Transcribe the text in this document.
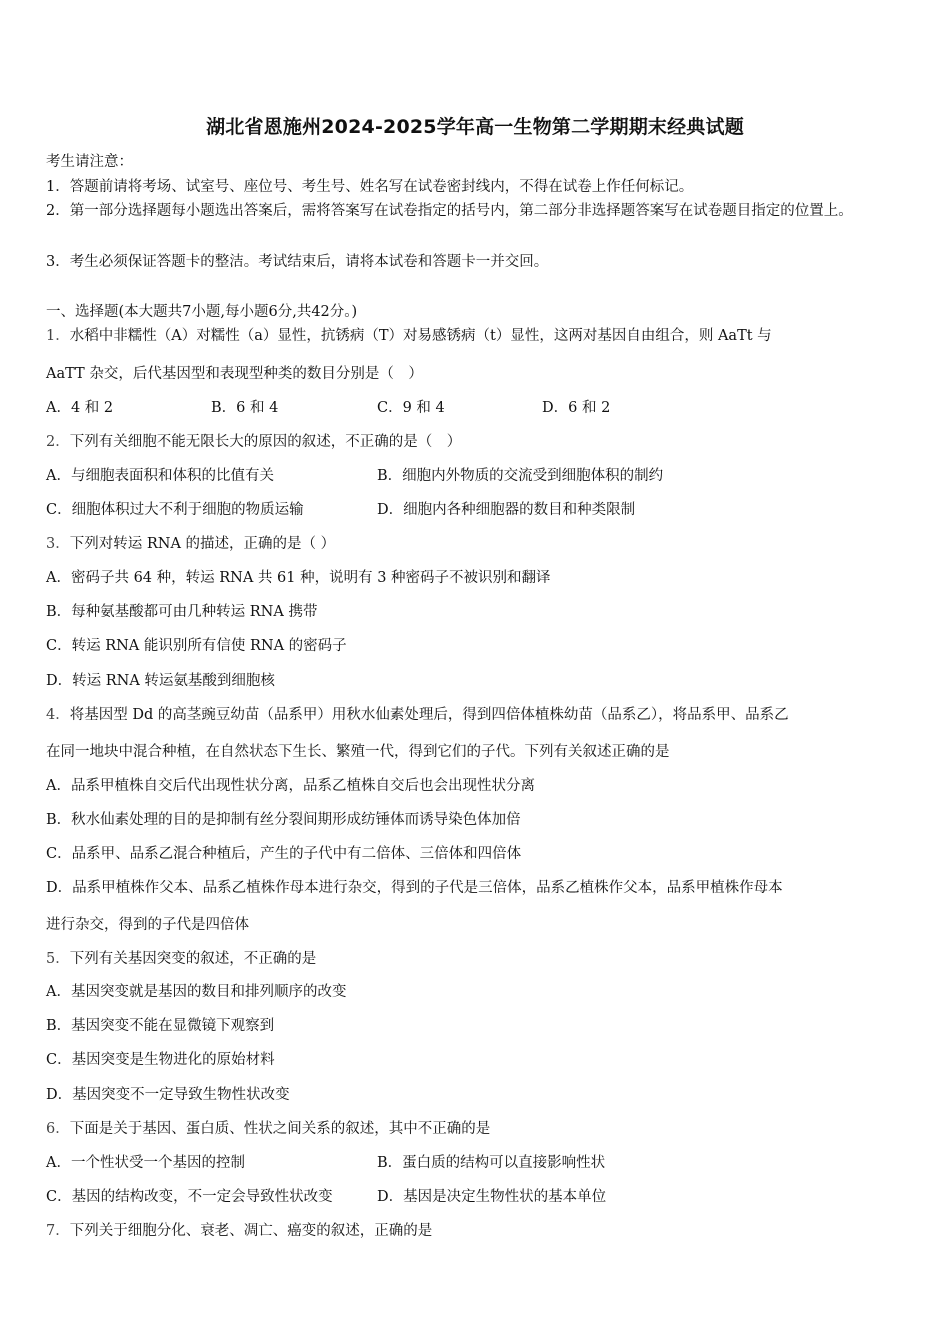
湖北省恩施州2024-2025学年高一生物第二学期期末经典试题
考生请注意：
1．答题前请将考场、试室号、座位号、考生号、姓名写在试卷密封线内，不得在试卷上作任何标记。
2．第一部分选择题每小题选出答案后，需将答案写在试卷指定的括号内，第二部分非选择题答案写在试卷题目指定的位置上。
3．考生必须保证答题卡的整洁。考试结束后，请将本试卷和答题卡一并交回。
一、选择题(本大题共7小题,每小题6分,共42分。)
1．水稻中非糯性（A）对糯性（a）显性，抗锈病（T）对易感锈病（t）显性，这两对基因自由组合，则 AaTt 与
AaTT 杂交，后代基因型和表现型种类的数目分别是（　）
A．4 和 2	B．6 和 4	C．9 和 4	D．6 和 2
2．下列有关细胞不能无限长大的原因的叙述，不正确的是（　）
A．与细胞表面积和体积的比值有关	B．细胞内外物质的交流受到细胞体积的制约
C．细胞体积过大不利于细胞的物质运输	D．细胞内各种细胞器的数目和种类限制
3．下列对转运 RNA 的描述，正确的是（ ）
A．密码子共 64 种，转运 RNA 共 61 种，说明有 3 种密码子不被识别和翻译
B．每种氨基酸都可由几种转运 RNA 携带
C．转运 RNA 能识别所有信使 RNA 的密码子
D．转运 RNA 转运氨基酸到细胞核
4．将基因型 Dd 的高茎豌豆幼苗（品系甲）用秋水仙素处理后，得到四倍体植株幼苗（品系乙），将品系甲、品系乙
在同一地块中混合种植，在自然状态下生长、繁殖一代，得到它们的子代。下列有关叙述正确的是
A．品系甲植株自交后代出现性状分离，品系乙植株自交后也会出现性状分离
B．秋水仙素处理的目的是抑制有丝分裂间期形成纺锤体而诱导染色体加倍
C．品系甲、品系乙混合种植后，产生的子代中有二倍体、三倍体和四倍体
D．品系甲植株作父本、品系乙植株作母本进行杂交，得到的子代是三倍体，品系乙植株作父本，品系甲植株作母本
进行杂交，得到的子代是四倍体
5．下列有关基因突变的叙述，不正确的是
A．基因突变就是基因的数目和排列顺序的改变
B．基因突变不能在显微镜下观察到
C．基因突变是生物进化的原始材料
D．基因突变不一定导致生物性状改变
6．下面是关于基因、蛋白质、性状之间关系的叙述，其中不正确的是
A．一个性状受一个基因的控制	B．蛋白质的结构可以直接影响性状
C．基因的结构改变，不一定会导致性状改变	D．基因是决定生物性状的基本单位
7．下列关于细胞分化、衰老、凋亡、癌变的叙述，正确的是
